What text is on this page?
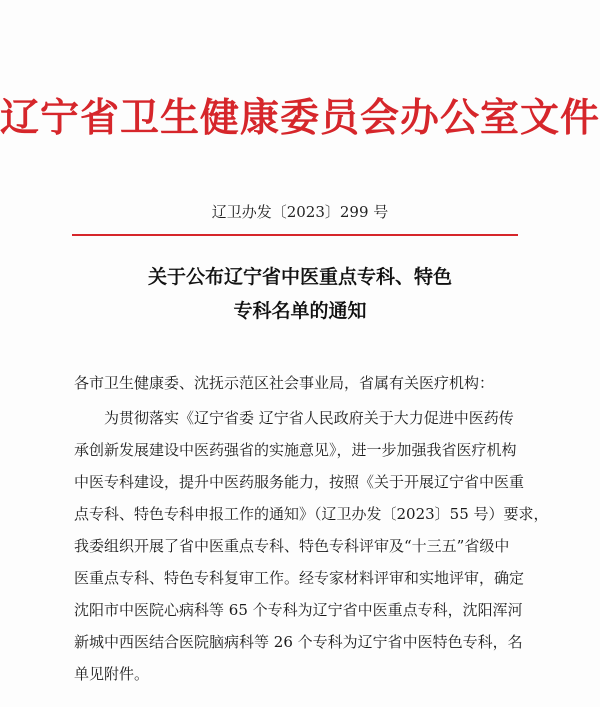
辽宁省卫生健康委员会办公室文件
辽卫办发〔2023〕299 号
关于公布辽宁省中医重点专科、特色
专科名单的通知
各市卫生健康委、沈抚示范区社会事业局，省属有关医疗机构：
为贯彻落实《辽宁省委 辽宁省人民政府关于大力促进中医药传
承创新发展建设中医药强省的实施意见》，进一步加强我省医疗机构
中医专科建设，提升中医药服务能力，按照《关于开展辽宁省中医重
点专科、特色专科申报工作的通知》（辽卫办发〔2023〕55 号）要求，
我委组织开展了省中医重点专科、特色专科评审及“十三五”省级中
医重点专科、特色专科复审工作。经专家材料评审和实地评审，确定
沈阳市中医院心病科等 65 个专科为辽宁省中医重点专科，沈阳浑河
新城中西医结合医院脑病科等 26 个专科为辽宁省中医特色专科，名
单见附件。
